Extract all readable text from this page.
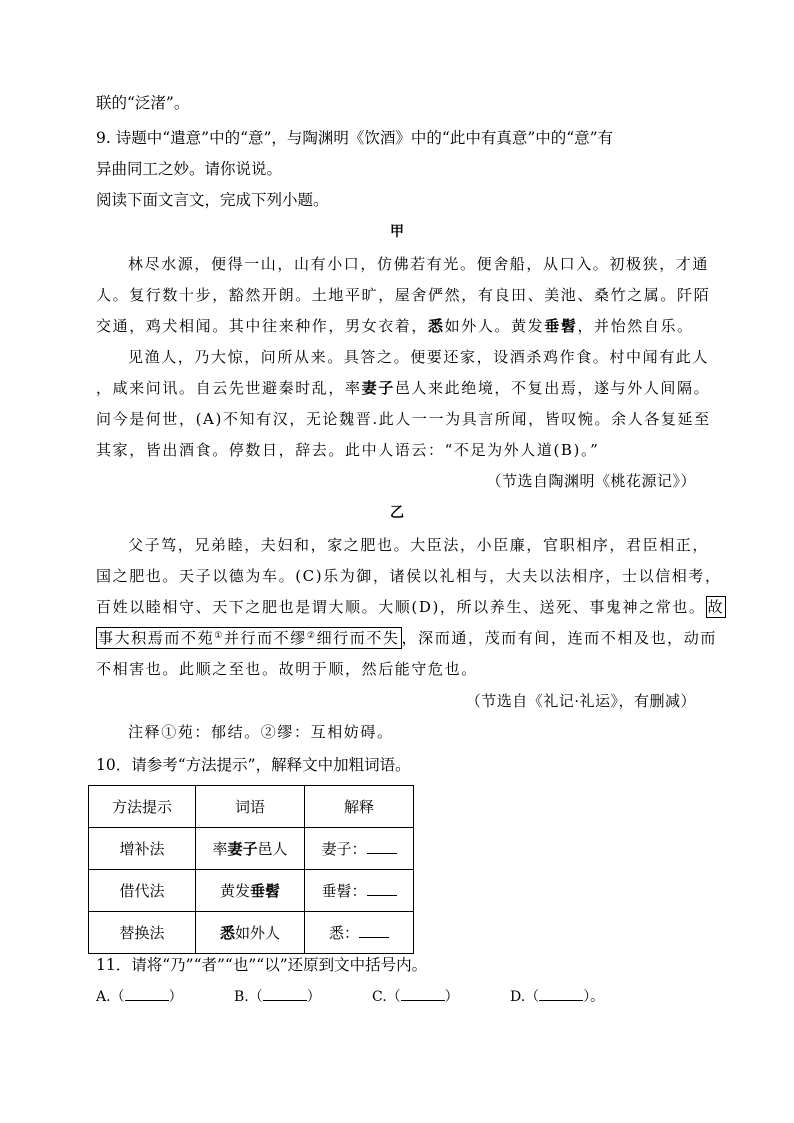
联的“泛渚”。
9. 诗题中“遣意”中的“意”，与陶渊明《饮酒》中的“此中有真意”中的“意”有
异曲同工之妙。请你说说。
阅读下面文言文，完成下列小题。
甲
林尽水源，便得一山，山有小口，仿佛若有光。便舍船，从口入。初极狭，才通
人。复行数十步，豁然开朗。土地平旷，屋舍俨然，有良田、美池、桑竹之属。阡陌
交通，鸡犬相闻。其中往来种作，男女衣着，悉如外人。黄发垂髫，并怡然自乐。
见渔人，乃大惊，问所从来。具答之。便要还家，设酒杀鸡作食。村中闻有此人
，咸来问讯。自云先世避秦时乱，率妻子邑人来此绝境，不复出焉，遂与外人间隔。
问今是何世，(A)不知有汉，无论魏晋.此人一一为具言所闻，皆叹惋。余人各复延至
其家，皆出酒食。停数日，辞去。此中人语云：“不足为外人道(B)。”
（节选自陶渊明《桃花源记》）
乙
父子笃，兄弟睦，夫妇和，家之肥也。大臣法，小臣廉，官职相序，君臣相正，
国之肥也。天子以德为车。(C)乐为御，诸侯以礼相与，大夫以法相序，士以信相考，
百姓以睦相守、天下之肥也是谓大顺。大顺(D)，所以养生、送死、事鬼神之常也。 故
事大积焉而不苑①并行而不缪②细行而不失 ，深而通，茂而有间，连而不相及也，动而
不相害也。此顺之至也。故明于顺，然后能守危也。
（节选自《礼记·礼运》，有删减）
注释①苑：郁结。②缪：互相妨碍。
10．请参考“方法提示”，解释文中加粗词语。
方法提示	词语	解释
增补法	率妻子邑人	妻子：
借代法	黄发垂髫	垂髫：
替换法	悉如外人	悉：
11．请将“乃”“者”“也”“以”还原到文中括号内。
A.（	）	B.（	）	C.（	）	D.（	）。
